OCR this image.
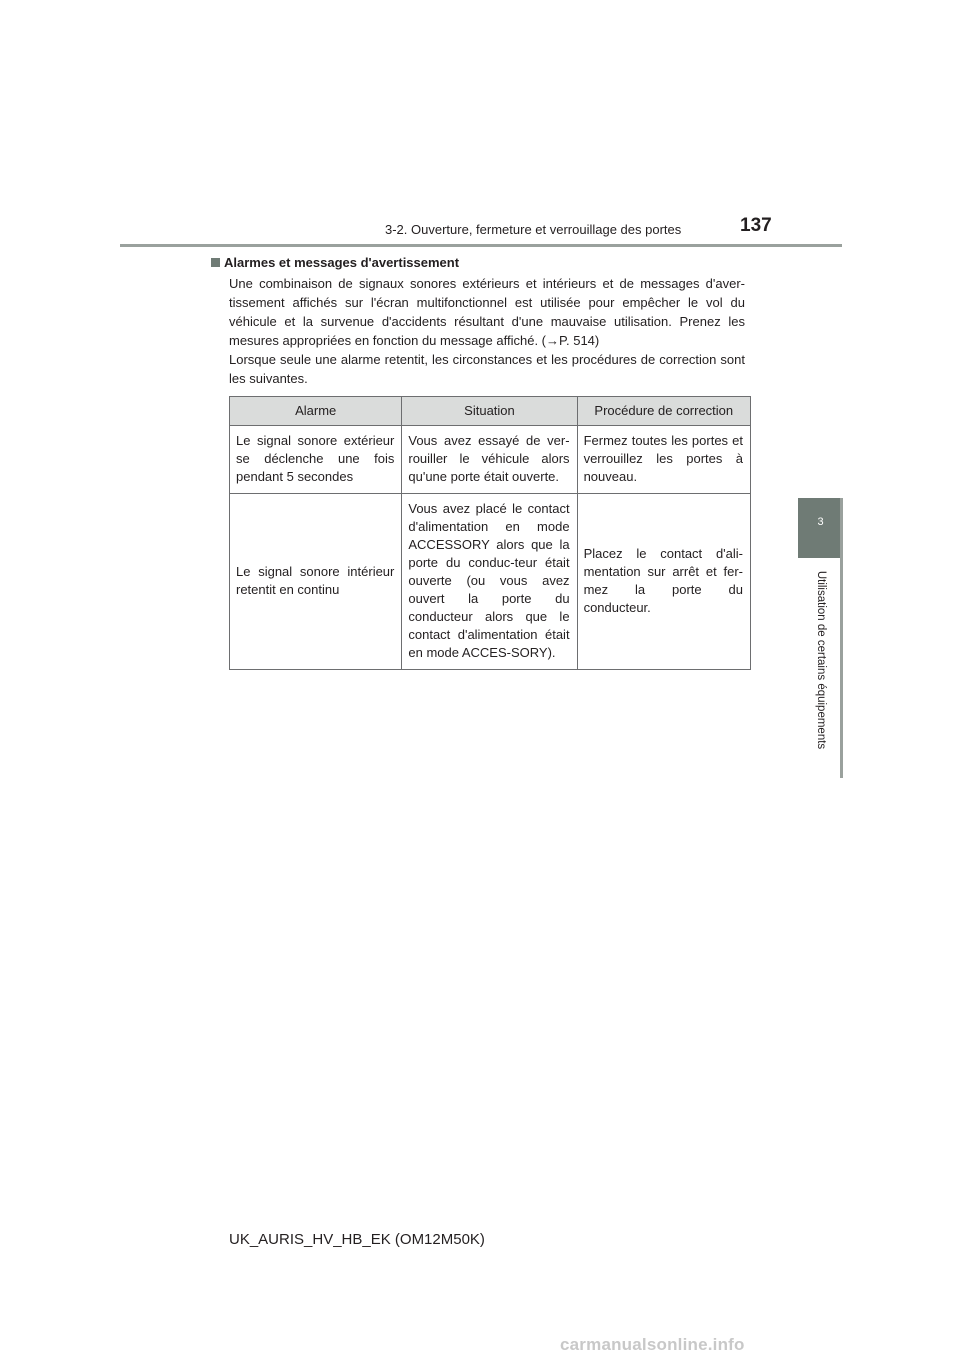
3-2. Ouverture, fermeture et verrouillage des portes	137
3
Utilisation de certains équipements
Alarmes et messages d'avertissement

Une combinaison de signaux sonores extérieurs et intérieurs et de messages d'aver-tissement affichés sur l'écran multifonctionnel est utilisée pour empêcher le vol du véhicule et la survenue d'accidents résultant d'une mauvaise utilisation. Prenez les mesures appropriées en fonction du message affiché. (→P. 514)

Lorsque seule une alarme retentit, les circonstances et les procédures de correction sont les suivantes.

Alarme	Situation	Procédure de correction
Le signal sonore extérieur se déclenche une fois pendant 5 secondes	Vous avez essayé de ver-rouiller le véhicule alors qu'une porte était ouverte.	Fermez toutes les portes et verrouillez les portes à nouveau.
Le signal sonore intérieur retentit en continu	Vous avez placé le contact d'alimentation en mode ACCESSORY alors que la porte du conduc-teur était ouverte (ou vous avez ouvert la porte du conducteur alors que le contact d'alimentation était en mode ACCES-SORY).	Placez le contact d'ali-mentation sur arrêt et fer-mez la porte du conducteur.
UK_AURIS_HV_HB_EK (OM12M50K)
carmanualsonline.info
